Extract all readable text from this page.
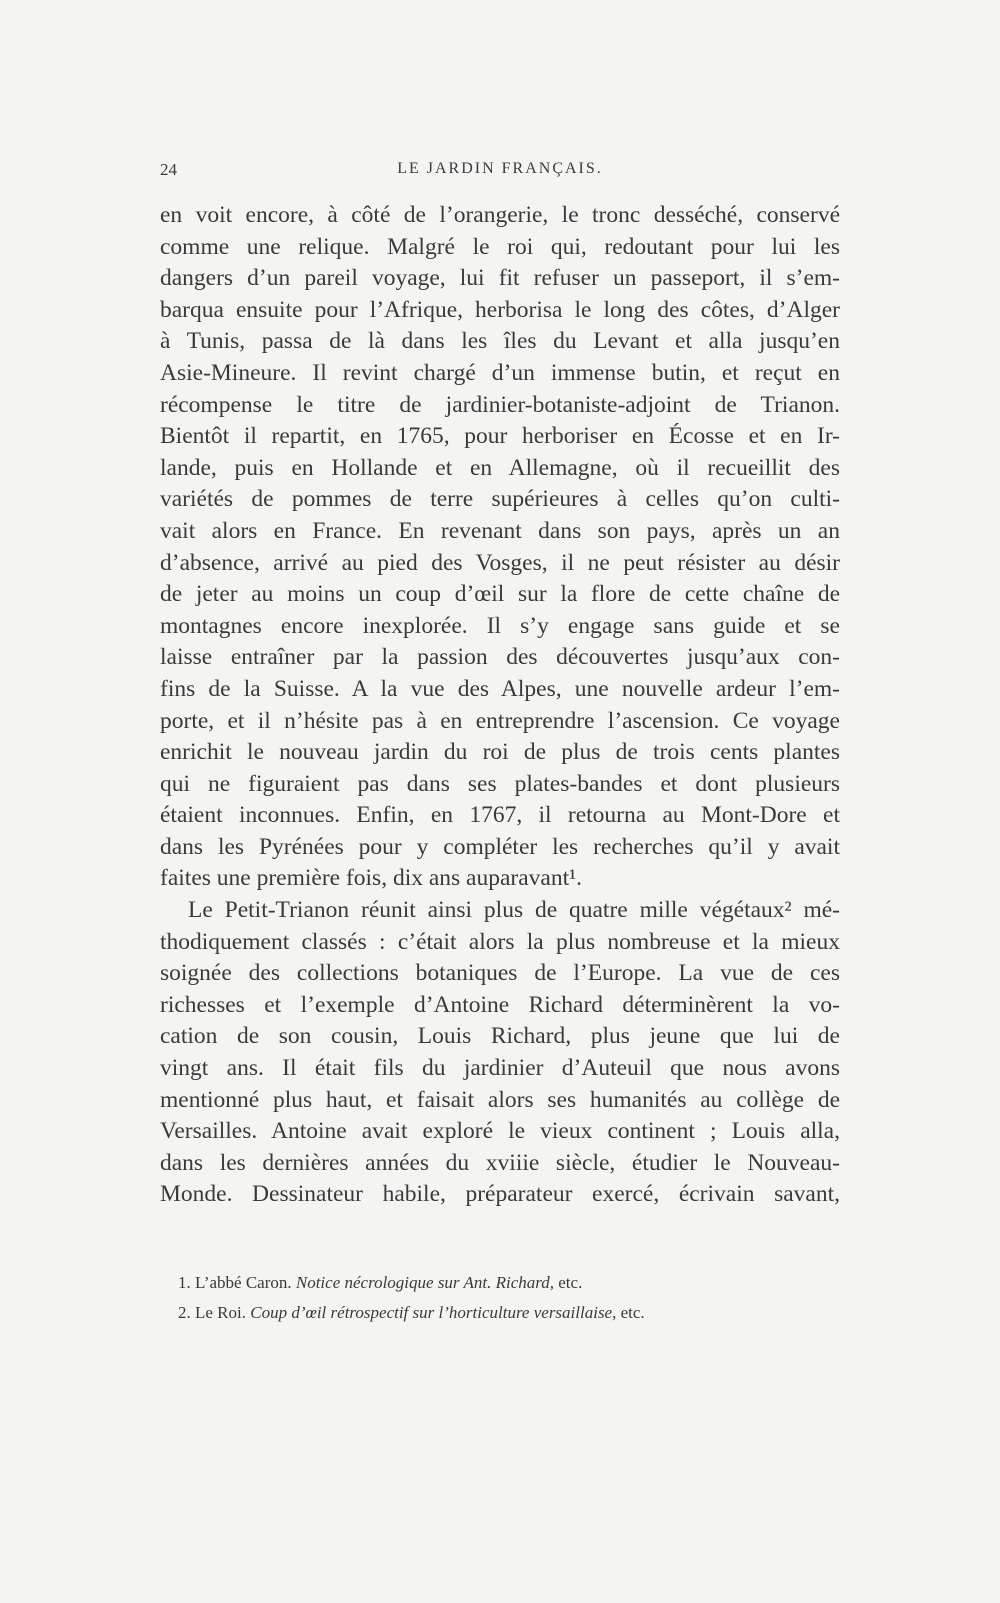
24	LE JARDIN FRANÇAIS.
en voit encore, à côté de l’orangerie, le tronc desséché, conservé
comme une relique. Malgré le roi qui, redoutant pour lui les
dangers d’un pareil voyage, lui fit refuser un passeport, il s’em-
barqua ensuite pour l’Afrique, herborisa le long des côtes, d’Alger
à Tunis, passa de là dans les îles du Levant et alla jusqu’en
Asie-Mineure. Il revint chargé d’un immense butin, et reçut en
récompense le titre de jardinier-botaniste-adjoint de Trianon.
Bientôt il repartit, en 1765, pour herboriser en Écosse et en Ir-
lande, puis en Hollande et en Allemagne, où il recueillit des
variétés de pommes de terre supérieures à celles qu’on culti-
vait alors en France. En revenant dans son pays, après un an
d’absence, arrivé au pied des Vosges, il ne peut résister au désir
de jeter au moins un coup d’œil sur la flore de cette chaîne de
montagnes encore inexplorée. Il s’y engage sans guide et se
laisse entraîner par la passion des découvertes jusqu’aux con-
fins de la Suisse. A la vue des Alpes, une nouvelle ardeur l’em-
porte, et il n’hésite pas à en entreprendre l’ascension. Ce voyage
enrichit le nouveau jardin du roi de plus de trois cents plantes
qui ne figuraient pas dans ses plates-bandes et dont plusieurs
étaient inconnues. Enfin, en 1767, il retourna au Mont-Dore et
dans les Pyrénées pour y compléter les recherches qu’il y avait
faites une première fois, dix ans auparavant¹.
Le Petit-Trianon réunit ainsi plus de quatre mille végétaux² mé-
thodiquement classés : c’était alors la plus nombreuse et la mieux
soignée des collections botaniques de l’Europe. La vue de ces
richesses et l’exemple d’Antoine Richard déterminèrent la vo-
cation de son cousin, Louis Richard, plus jeune que lui de
vingt ans. Il était fils du jardinier d’Auteuil que nous avons
mentionné plus haut, et faisait alors ses humanités au collège de
Versailles. Antoine avait exploré le vieux continent ; Louis alla,
dans les dernières années du xviiie siècle, étudier le Nouveau-
Monde. Dessinateur habile, préparateur exercé, écrivain savant,
1. L’abbé Caron. Notice nécrologique sur Ant. Richard, etc.
2. Le Roi. Coup d’œil rétrospectif sur l’horticulture versaillaise, etc.
